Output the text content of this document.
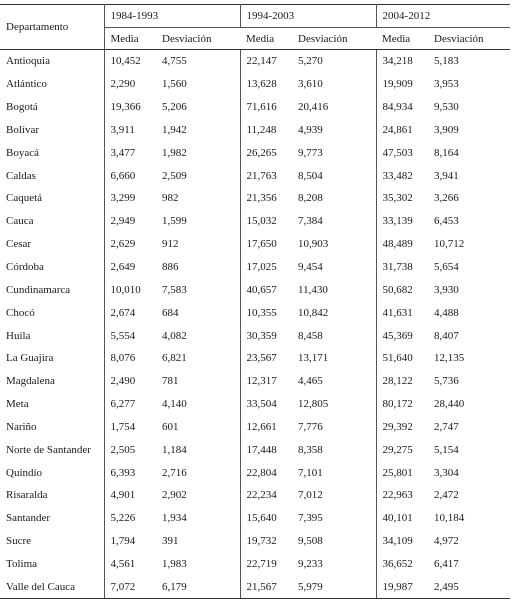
Departamento	1984-1993		1994-2003		2004-2012	
	Media	Desviación	Media	Desviación	Media	Desviación
Antioquia	10,452	4,755	22,147	5,270	34,218	5,183
Atlántico	2,290	1,560	13,628	3,610	19,909	3,953
Bogotá	19,366	5,206	71,616	20,416	84,934	9,530
Bolívar	3,911	1,942	11,248	4,939	24,861	3,909
Boyacá	3,477	1,982	26,265	9,773	47,503	8,164
Caldas	6,660	2,509	21,763	8,504	33,482	3,941
Caquetá	3,299	982	21,356	8,208	35,302	3,266
Cauca	2,949	1,599	15,032	7,384	33,139	6,453
Cesar	2,629	912	17,650	10,903	48,489	10,712
Córdoba	2,649	886	17,025	9,454	31,738	5,654
Cundinamarca	10,010	7,583	40,657	11,430	50,682	3,930
Chocó	2,674	684	10,355	10,842	41,631	4,488
Huila	5,554	4,082	30,359	8,458	45,369	8,407
La Guajira	8,076	6,821	23,567	13,171	51,640	12,135
Magdalena	2,490	781	12,317	4,465	28,122	5,736
Meta	6,277	4,140	33,504	12,805	80,172	28,440
Nariño	1,754	601	12,661	7,776	29,392	2,747
Norte de Santander	2,505	1,184	17,448	8,358	29,275	5,154
Quindío	6,393	2,716	22,804	7,101	25,801	3,304
Risaralda	4,901	2,902	22,234	7,012	22,963	2,472
Santander	5,226	1,934	15,640	7,395	40,101	10,184
Sucre	1,794	391	19,732	9,508	34,109	4,972
Tolima	4,561	1,983	22,719	9,233	36,652	6,417
Valle del Cauca	7,072	6,179	21,567	5,979	19,987	2,495
